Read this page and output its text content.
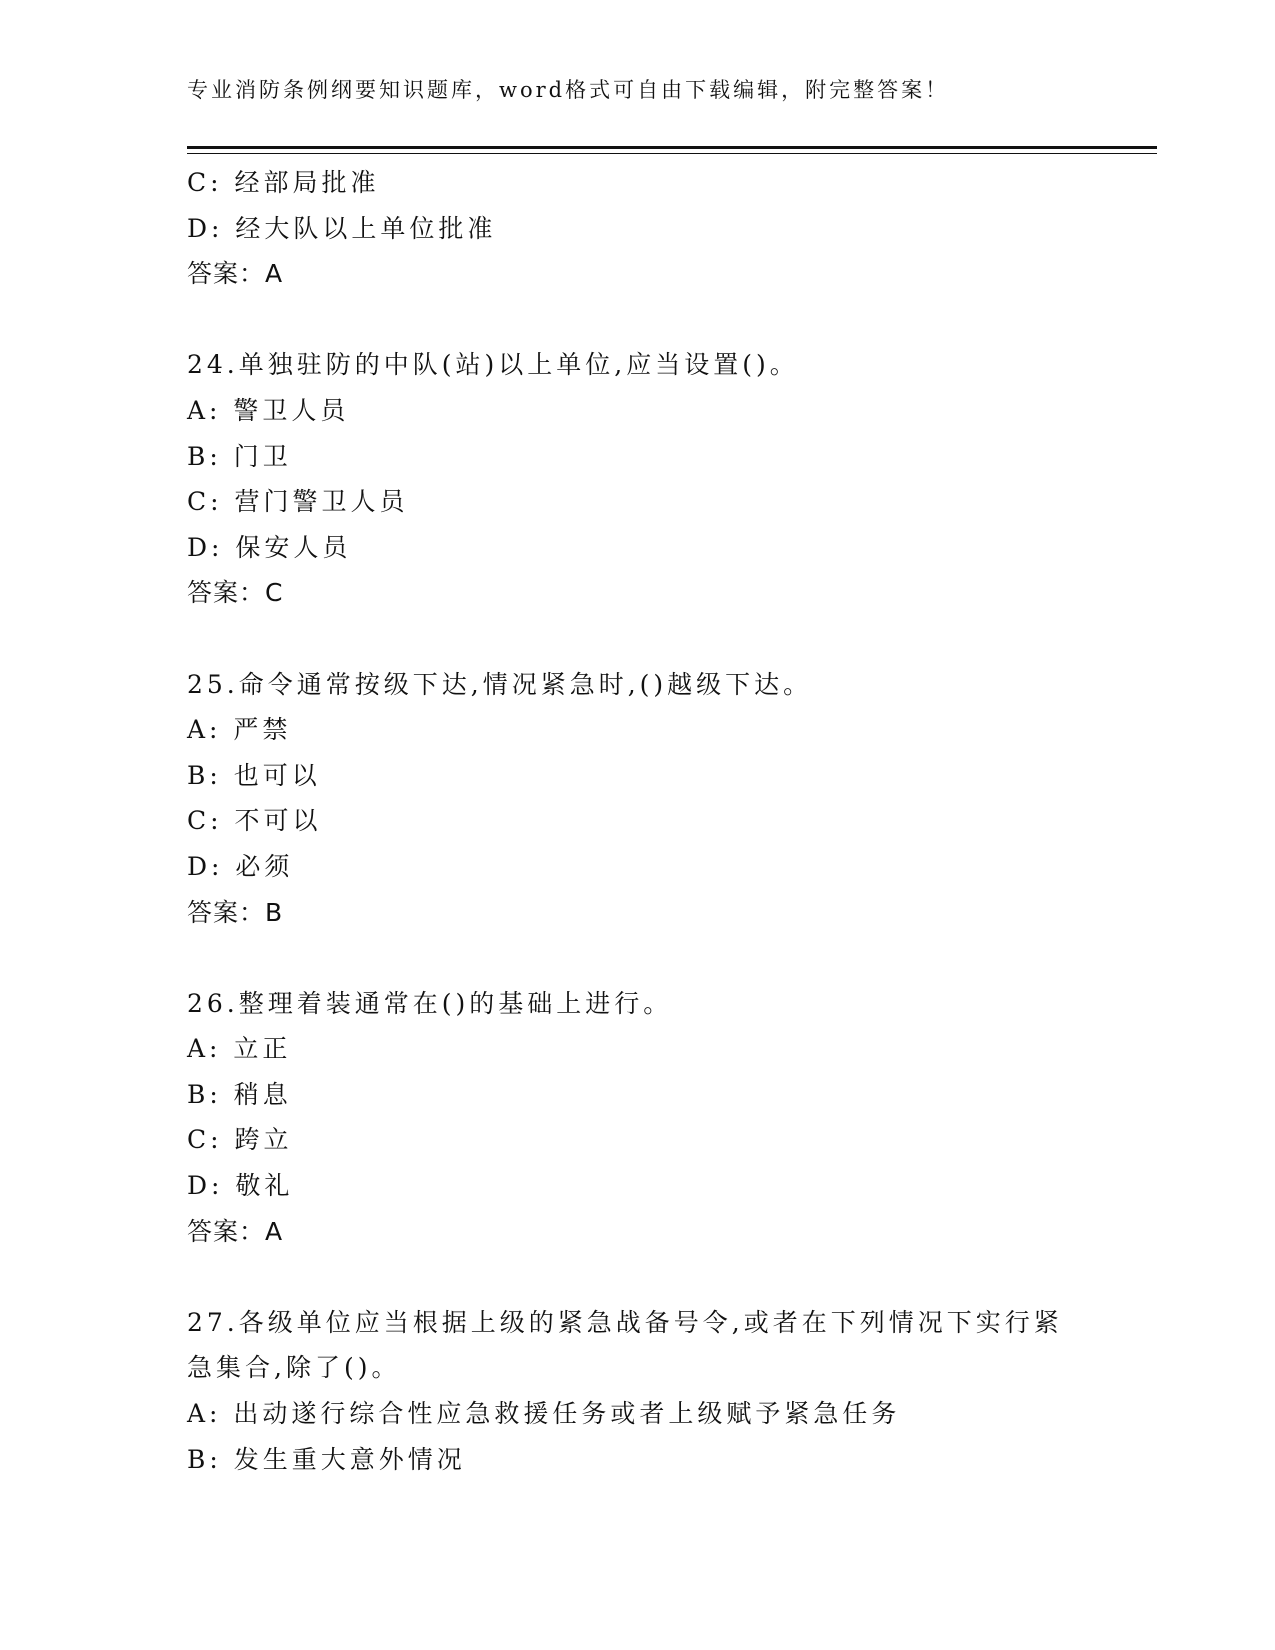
专业消防条例纲要知识题库，word格式可自由下载编辑，附完整答案！
C: 经部局批准
D: 经大队以上单位批准
答案：A
24.单独驻防的中队(站)以上单位,应当设置()。
A: 警卫人员
B: 门卫
C: 营门警卫人员
D: 保安人员
答案：C
25.命令通常按级下达,情况紧急时,()越级下达。
A: 严禁
B: 也可以
C: 不可以
D: 必须
答案：B
26.整理着装通常在()的基础上进行。
A: 立正
B: 稍息
C: 跨立
D: 敬礼
答案：A
27.各级单位应当根据上级的紧急战备号令,或者在下列情况下实行紧急集合,除了()。
A: 出动遂行综合性应急救援任务或者上级赋予紧急任务
B: 发生重大意外情况
